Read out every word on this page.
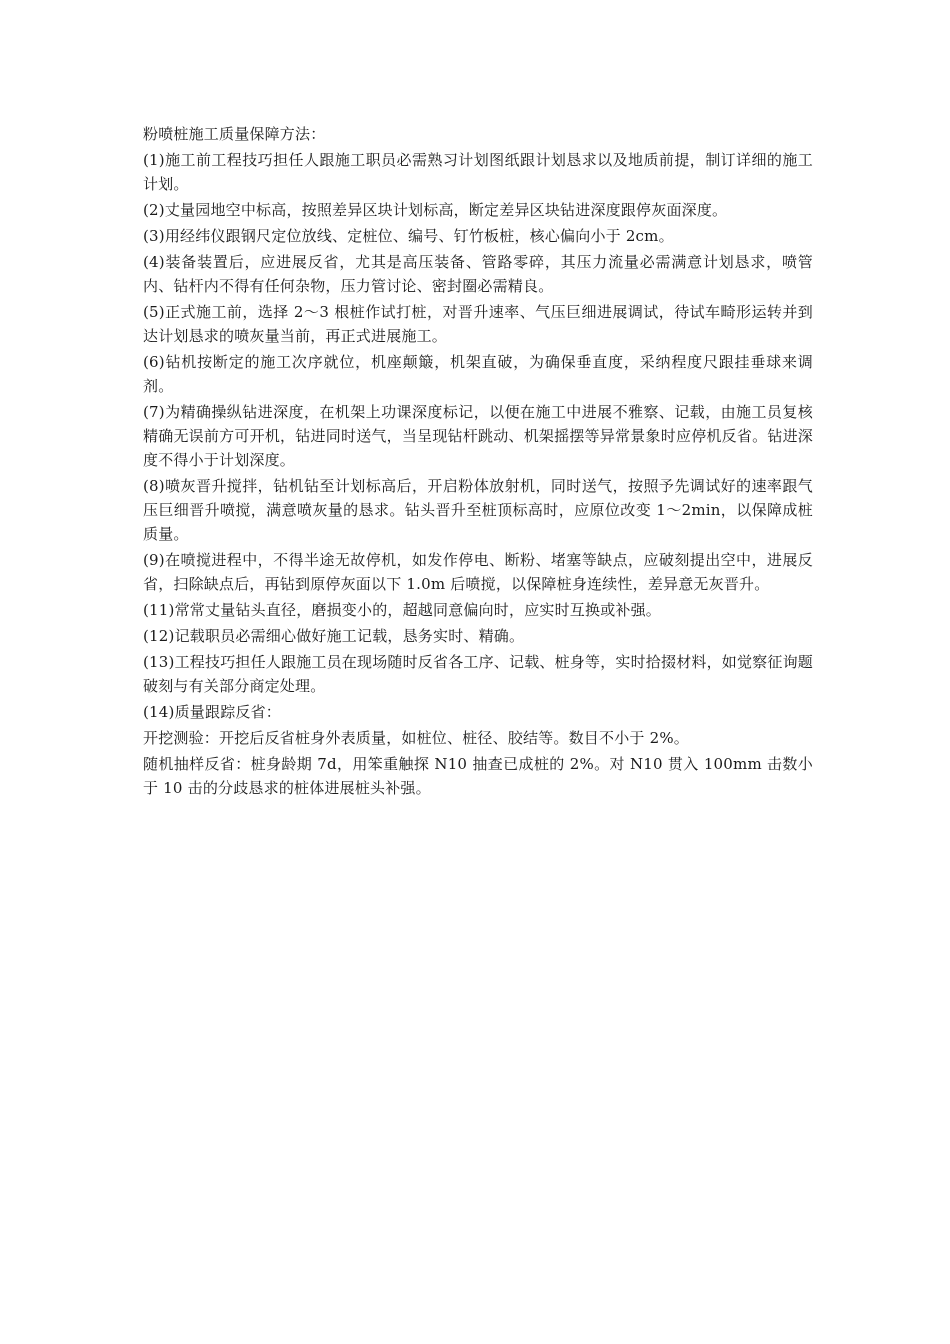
粉喷桩施工质量保障方法：

(1)施工前工程技巧担任人跟施工职员必需熟习计划图纸跟计划恳求以及地质前提，制订详细的施工计划。

(2)丈量园地空中标高，按照差异区块计划标高，断定差异区块钻进深度跟停灰面深度。

(3)用经纬仪跟钢尺定位放线、定桩位、编号、钉竹板桩，核心偏向小于 2cm。

(4)装备装置后，应进展反省，尤其是高压装备、管路零碎，其压力流量必需满意计划恳求，喷管内、钻杆内不得有任何杂物，压力管讨论、密封圈必需精良。

(5)正式施工前，选择 2～3 根桩作试打桩，对晋升速率、气压巨细进展调试，待试车畸形运转并到达计划恳求的喷灰量当前，再正式进展施工。

(6)钻机按断定的施工次序就位，机座颠簸，机架直破，为确保垂直度，采纳程度尺跟挂垂球来调剂。

(7)为精确操纵钻进深度，在机架上功课深度标记，以便在施工中进展不雅察、记载，由施工员复核精确无误前方可开机，钻进同时送气，当呈现钻杆跳动、机架摇摆等异常景象时应停机反省。钻进深度不得小于计划深度。

(8)喷灰晋升搅拌，钻机钻至计划标高后，开启粉体放射机，同时送气，按照予先调试好的速率跟气压巨细晋升喷搅，满意喷灰量的恳求。钻头晋升至桩顶标高时，应原位改变 1～2min，以保障成桩质量。

(9)在喷搅进程中，不得半途无故停机，如发作停电、断粉、堵塞等缺点，应破刻提出空中，进展反省，扫除缺点后，再钻到原停灰面以下 1.0m 后喷搅，以保障桩身连续性，差异意无灰晋升。

(11)常常丈量钻头直径，磨损变小的，超越同意偏向时，应实时互换或补强。

(12)记载职员必需细心做好施工记载，恳务实时、精确。

(13)工程技巧担任人跟施工员在现场随时反省各工序、记载、桩身等，实时拾掇材料，如觉察征询题破刻与有关部分商定处理。

(14)质量跟踪反省：

开挖测验：开挖后反省桩身外表质量，如桩位、桩径、胶结等。数目不小于 2%。

随机抽样反省：桩身龄期 7d，用笨重触探 N10 抽查已成桩的 2%。对 N10 贯入 100mm 击数小于 10 击的分歧恳求的桩体进展桩头补强。
